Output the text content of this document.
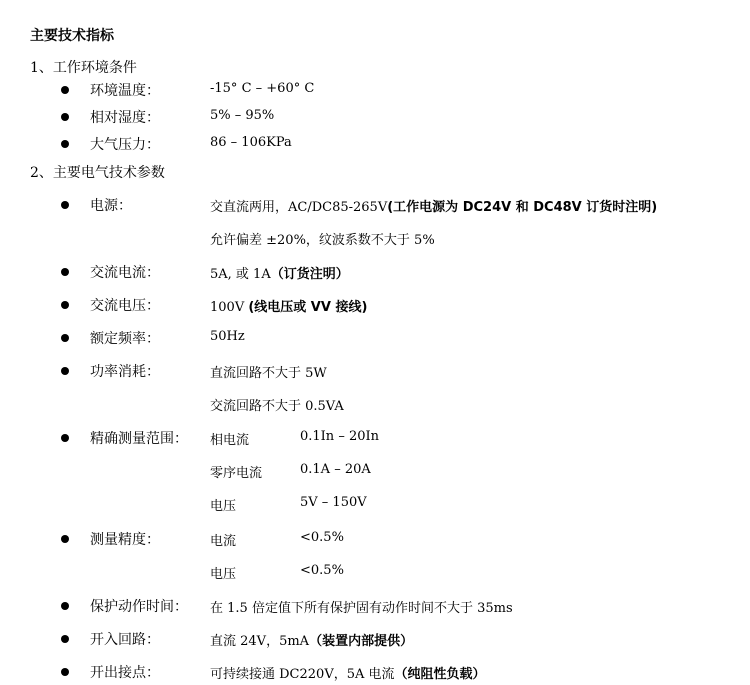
主要技术指标
1、工作环境条件
环境温度：	-15° C – +60° C
相对湿度：	5% – 95%
大气压力：	86 – 106KPa
2、主要电气技术参数
电源：	交直流两用，AC/DC85-265V(工作电源为 DC24V 和 DC48V 订货时注明)
允许偏差 ±20%，纹波系数不大于 5%
交流电流：	5A, 或 1A（订货注明）
交流电压：	100V (线电压或 VV 接线)
额定频率：	50Hz
功率消耗：	直流回路不大于 5W
交流回路不大于 0.5VA
精确测量范围： 相电流	0.1In – 20In
零序电流	0.1A – 20A
电压	5V – 150V
测量精度：	电流	<0.5%
电压	<0.5%
保护动作时间： 在 1.5 倍定值下所有保护固有动作时间不大于 35ms
开入回路：	直流 24V，5mA（装置内部提供）
开出接点：	可持续接通 DC220V，5A 电流（纯阻性负载）
